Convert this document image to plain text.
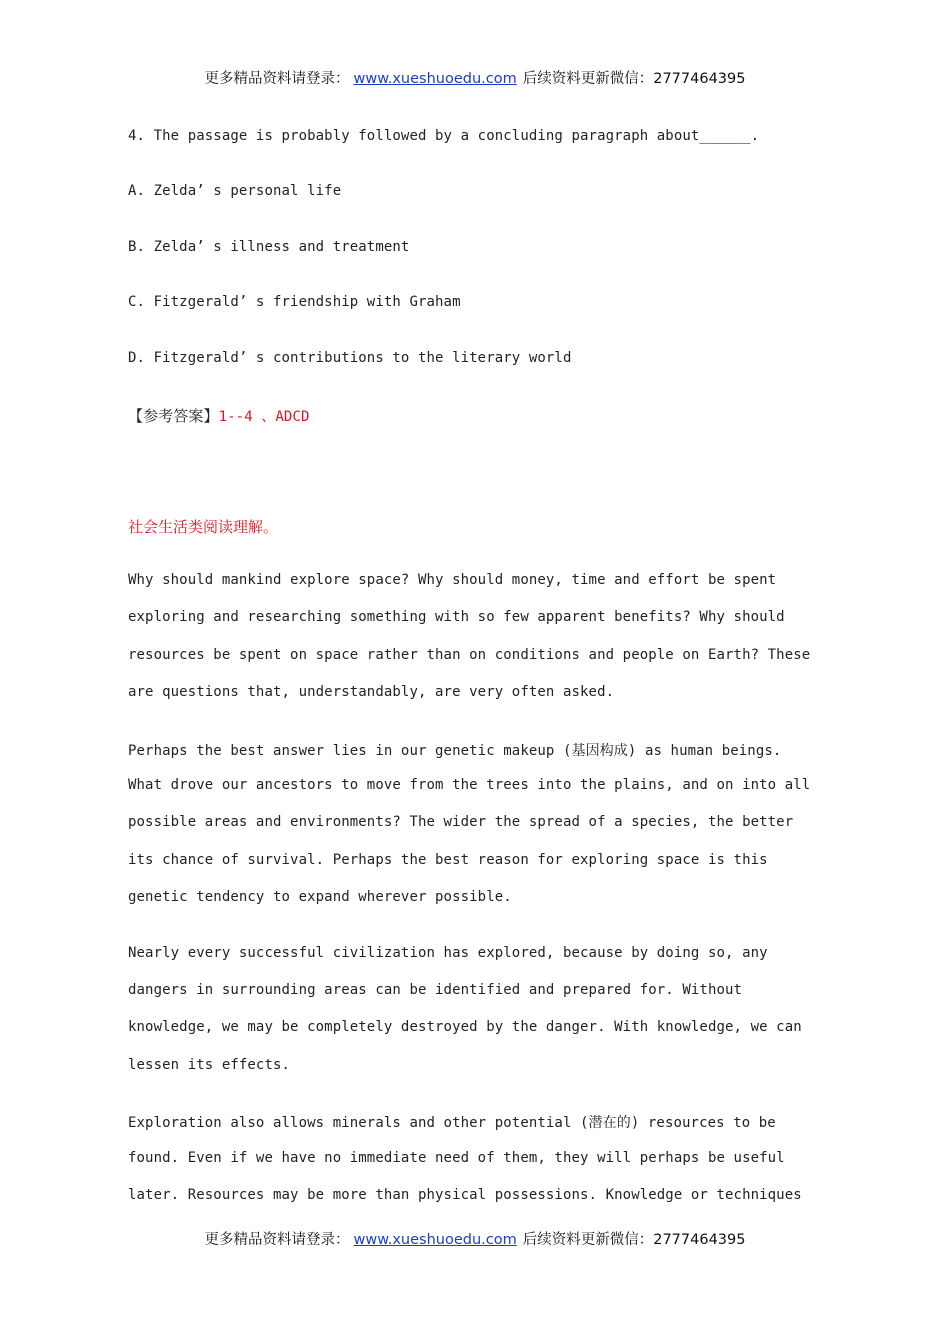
更多精品资料请登录： www.xueshuoedu.com 后续资料更新微信：2777464395
4. The passage is probably followed by a concluding paragraph about______.
A. Zelda’ s personal life
B. Zelda’ s illness and treatment
C. Fitzgerald’ s friendship with Graham
D. Fitzgerald’ s contributions to the literary world
【参考答案】1--4 、ADCD
社会生活类阅读理解。
Why should mankind explore space? Why should money, time and effort be spent
exploring and researching something with so few apparent benefits? Why should
resources be spent on space rather than on conditions and people on Earth? These
are questions that, understandably, are very often asked.
Perhaps the best answer lies in our genetic makeup (基因构成) as human beings.
What drove our ancestors to move from the trees into the plains, and on into all
possible areas and environments? The wider the spread of a species, the better
its chance of survival. Perhaps the best reason for exploring space is this
genetic tendency to expand wherever possible.
Nearly every successful civilization has explored, because by doing so, any
dangers in surrounding areas can be identified and prepared for. Without
knowledge, we may be completely destroyed by the danger. With knowledge, we can
lessen its effects.
Exploration also allows minerals and other potential (潜在的) resources to be
found. Even if we have no immediate need of them, they will perhaps be useful
later. Resources may be more than physical possessions. Knowledge or techniques
更多精品资料请登录： www.xueshuoedu.com 后续资料更新微信：2777464395
